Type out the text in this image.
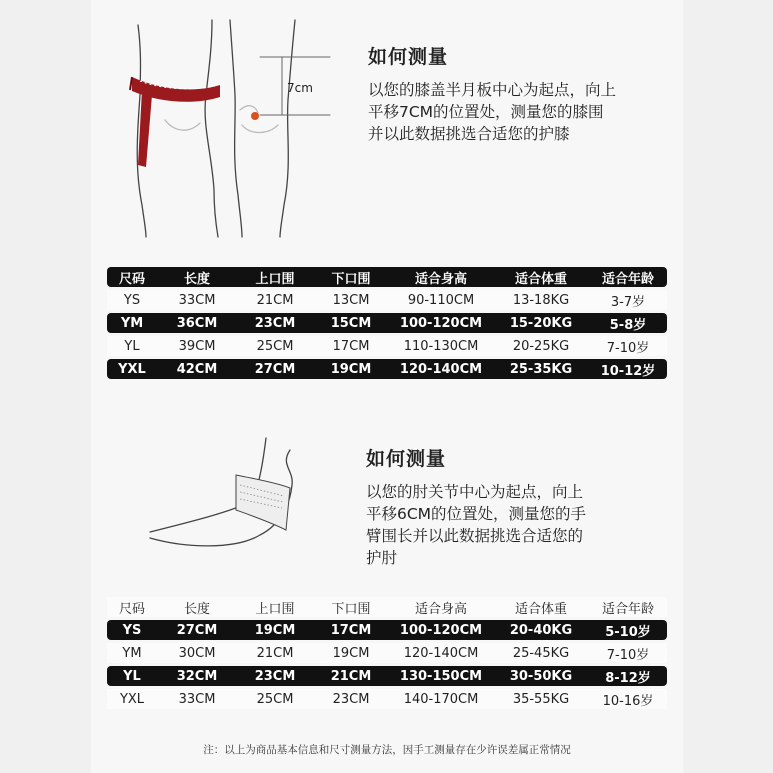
7cm
如何测量
以您的膝盖半月板中心为起点，向上
平移7CM的位置处，测量您的膝围
并以此数据挑选合适您的护膝
尺码	长度	上口围	下口围	适合身高	适合体重	适合年龄
YS	33CM	21CM	13CM	90-110CM	13-18KG	3-7岁
YM	36CM	23CM	15CM	100-120CM	15-20KG	5-8岁
YL	39CM	25CM	17CM	110-130CM	20-25KG	7-10岁
YXL	42CM	27CM	19CM	120-140CM	25-35KG	10-12岁
如何测量
以您的肘关节中心为起点，向上
平移6CM的位置处，测量您的手
臂围长并以此数据挑选合适您的
护肘
尺码	长度	上口围	下口围	适合身高	适合体重	适合年龄
YS	27CM	19CM	17CM	100-120CM	20-40KG	5-10岁
YM	30CM	21CM	19CM	120-140CM	25-45KG	7-10岁
YL	32CM	23CM	21CM	130-150CM	30-50KG	8-12岁
YXL	33CM	25CM	23CM	140-170CM	35-55KG	10-16岁
注：以上为商品基本信息和尺寸测量方法，因手工测量存在少许误差属正常情况
